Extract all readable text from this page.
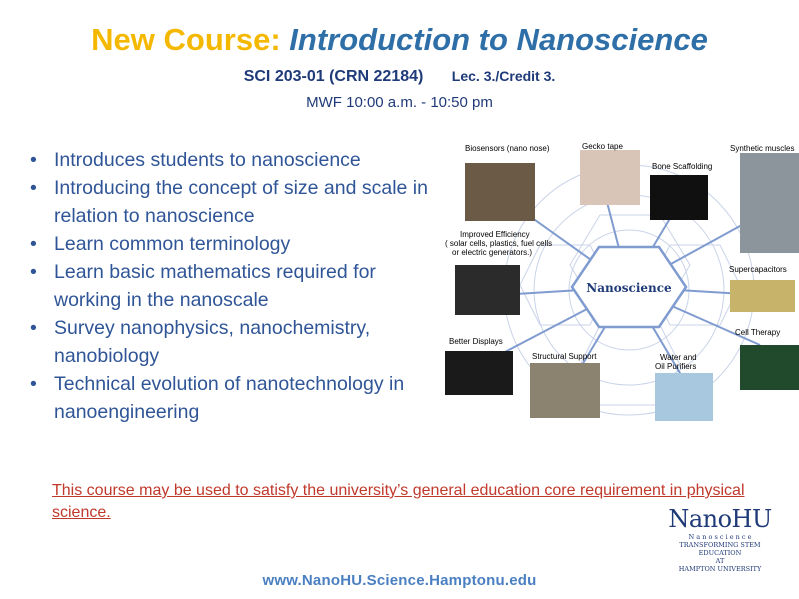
New Course: Introduction to Nanoscience
SCI 203-01 (CRN 22184) Lec. 3./Credit 3.
MWF 10:00 a.m. - 10:50 pm
• Introduces students to nanoscience
• Introducing the concept of size and scale in relation to nanoscience
• Learn common terminology
• Learn basic mathematics required for working in the nanoscale
• Survey nanophysics, nanochemistry, nanobiology
• Technical evolution of nanotechnology in nanoengineering
Nanoscience
Biosensors (nano nose)	Gecko tape
Bone Scaffolding
Synthetic muscles
Improved Efficiency
( solar cells, plastics, fuel cells
or electric generators.)
Supercapacitors
Cell Therapy
Better Displays
Structural Support	Water and
Oil Purifiers
This course may be used to satisfy the university’s general education core requirement in physical science.	NanoHU
N a n o s c i e n c e
TRANSFORMING STEM EDUCATION
AT
HAMPTON UNIVERSITY
www.NanoHU.Science.Hamptonu.edu
